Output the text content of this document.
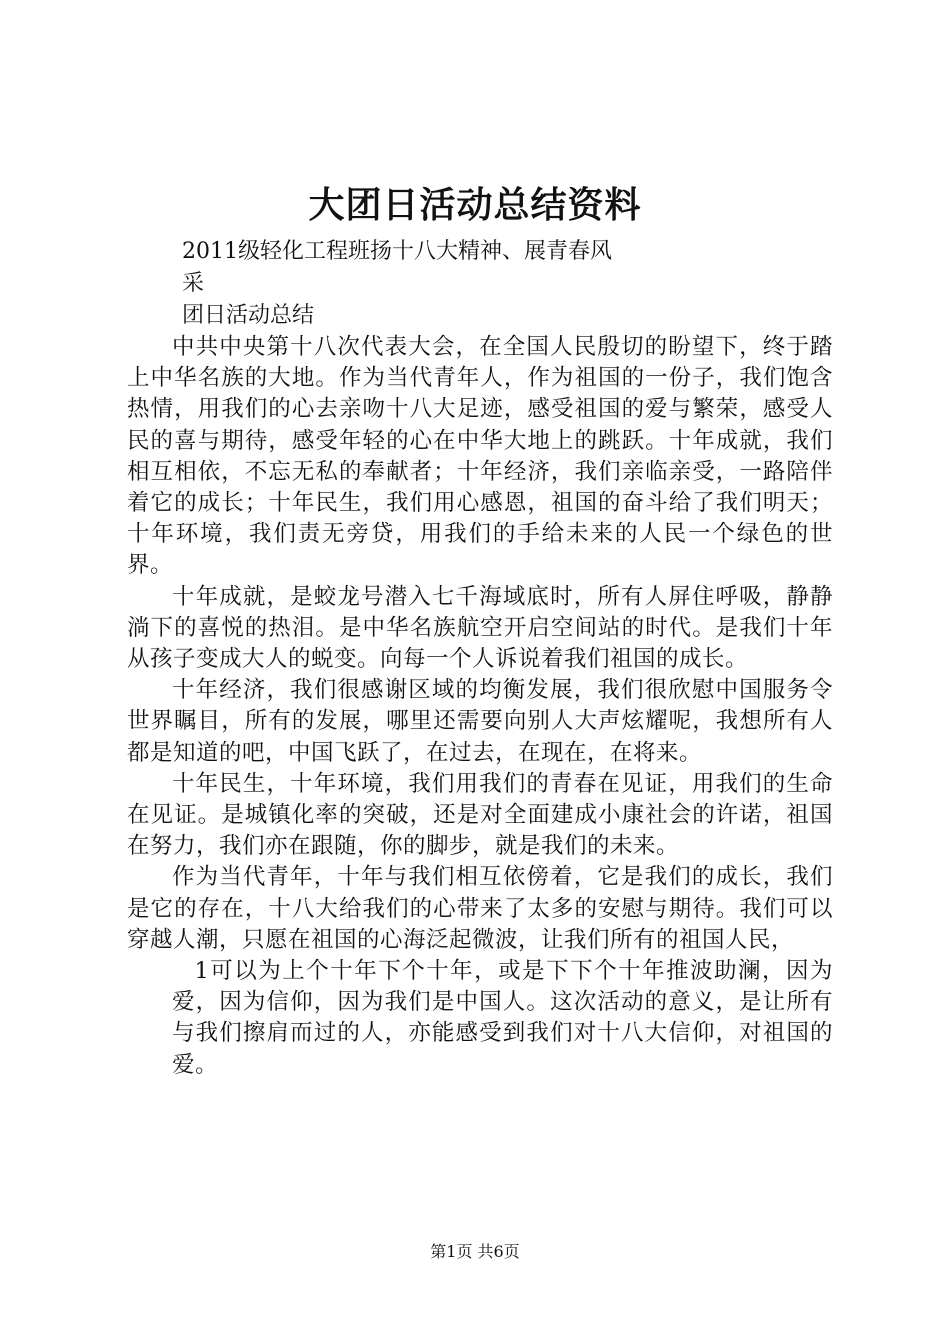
大团日活动总结资料

2011级轻化工程班扬十八大精神、展青春风

采

团日活动总结

中共中央第十八次代表大会，在全国人民殷切的盼望下，终于踏上中华名族的大地。作为当代青年人，作为祖国的一份子，我们饱含热情，用我们的心去亲吻十八大足迹，感受祖国的爱与繁荣，感受人民的喜与期待，感受年轻的心在中华大地上的跳跃。十年成就，我们相互相依，不忘无私的奉献者；十年经济，我们亲临亲受，一路陪伴着它的成长；十年民生，我们用心感恩，祖国的奋斗给了我们明天；十年环境，我们责无旁贷，用我们的手给未来的人民一个绿色的世界。

十年成就，是蛟龙号潜入七千海域底时，所有人屏住呼吸，静静淌下的喜悦的热泪。是中华名族航空开启空间站的时代。是我们十年从孩子变成大人的蜕变。向每一个人诉说着我们祖国的成长。

十年经济，我们很感谢区域的均衡发展，我们很欣慰中国服务令世界瞩目，所有的发展，哪里还需要向别人大声炫耀呢，我想所有人都是知道的吧，中国飞跃了，在过去，在现在，在将来。

十年民生，十年环境，我们用我们的青春在见证，用我们的生命在见证。是城镇化率的突破，还是对全面建成小康社会的许诺，祖国在努力，我们亦在跟随，你的脚步，就是我们的未来。

作为当代青年，十年与我们相互依傍着，它是我们的成长，我们是它的存在，十八大给我们的心带来了太多的安慰与期待。我们可以穿越人潮，只愿在祖国的心海泛起微波，让我们所有的祖国人民，

1可以为上个十年下个十年，或是下下个十年推波助澜，因为爱，因为信仰，因为我们是中国人。这次活动的意义，是让所有与我们擦肩而过的人，亦能感受到我们对十八大信仰，对祖国的爱。

第1页 共6页
